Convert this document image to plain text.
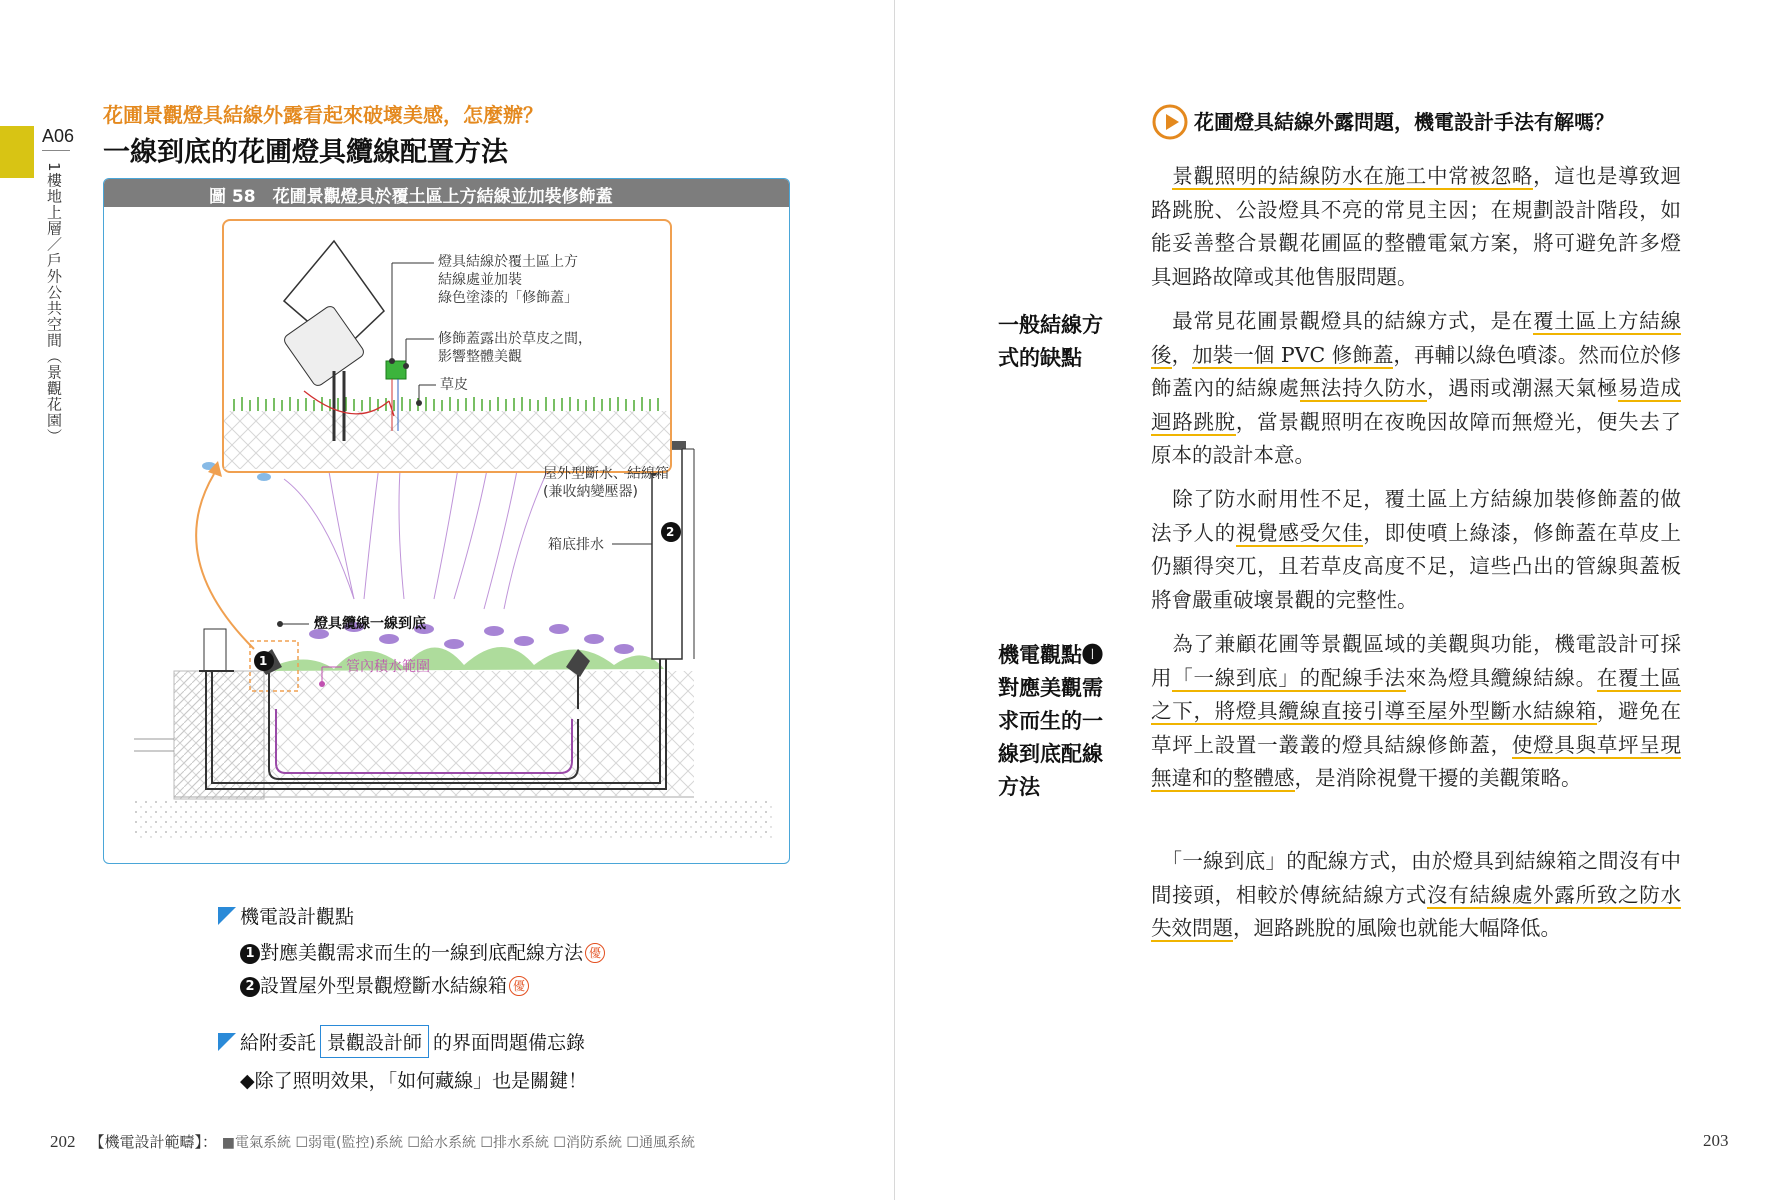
A06
1樓地上層／戶外公共空間（景觀花園）
花圃景觀燈具結線外露看起來破壞美感，怎麼辦？
一線到底的花圃燈具纜線配置方法
圖 58　花圃景觀燈具於覆土區上方結線並加裝修飾蓋
1
2
燈具結線於覆土區上方
結線處並加裝
綠色塗漆的「修飾蓋」
修飾蓋露出於草皮之間，
影響整體美觀
草皮
屋外型斷水、結線箱
(兼收納變壓器)
箱底排水
燈具纜線一線到底
管內積水範圍
機電設計觀點
1 對應美觀需求而生的一線到底配線方法 優
2 設置屋外型景觀燈斷水結線箱 優
給附委託 景觀設計師 的界面問題備忘錄
◆除了照明效果，「如何藏線」也是關鍵！
202 【機電設計範疇】： ■電氣系統 ☐弱電(監控)系統 ☐給水系統 ☐排水系統 ☐消防系統 ☐通風系統
花圃燈具結線外露問題，機電設計手法有解嗎？
一般結線方
式的缺點
機電觀點❶
對應美觀需
求而生的一
線到底配線
方法

　景觀照明的結線防水在施工中常被忽略，這也是導致迴路跳脫、公設燈具不亮的常見主因；在規劃設計階段，如能妥善整合景觀花圃區的整體電氣方案，將可避免許多燈具迴路故障或其他售服問題。

　最常見花圃景觀燈具的結線方式，是在覆土區上方結線後，加裝一個 PVC 修飾蓋，再輔以綠色噴漆。然而位於修飾蓋內的結線處無法持久防水，遇雨或潮濕天氣極易造成迴路跳脫，當景觀照明在夜晚因故障而無燈光，便失去了原本的設計本意。

　除了防水耐用性不足，覆土區上方結線加裝修飾蓋的做法予人的視覺感受欠佳，即使噴上綠漆，修飾蓋在草皮上仍顯得突兀，且若草皮高度不足，這些凸出的管線與蓋板將會嚴重破壞景觀的完整性。

　為了兼顧花圃等景觀區域的美觀與功能，機電設計可採用「一線到底」的配線手法來為燈具纜線結線。在覆土區之下，將燈具纜線直接引導至屋外型斷水結線箱，避免在草坪上設置一叢叢的燈具結線修飾蓋，使燈具與草坪呈現無違和的整體感，是消除視覺干擾的美觀策略。

　「一線到底」的配線方式，由於燈具到結線箱之間沒有中間接頭，相較於傳統結線方式沒有結線處外露所致之防水失效問題，迴路跳脫的風險也就能大幅降低。

203
